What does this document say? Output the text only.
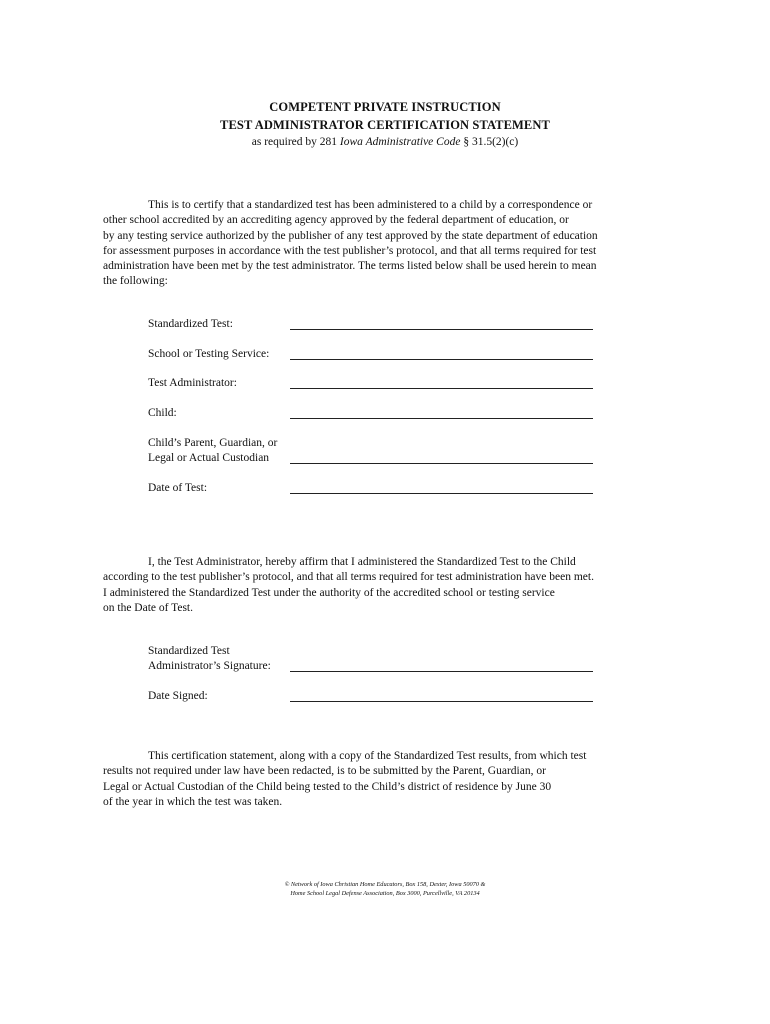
COMPETENT PRIVATE INSTRUCTION
TEST ADMINISTRATOR CERTIFICATION STATEMENT
as required by 281 Iowa Administrative Code § 31.5(2)(c)
This is to certify that a standardized test has been administered to a child by a correspondence or
other school accredited by an accrediting agency approved by the federal department of education, or
by any testing service authorized by the publisher of any test approved by the state department of education
for assessment purposes in accordance with the test publisher’s protocol, and that all terms required for test
administration have been met by the test administrator. The terms listed below shall be used herein to mean
the following:
Standardized Test:
School or Testing Service:
Test Administrator:
Child:
Child’s Parent, Guardian, or
Legal or Actual Custodian
Date of Test:
I, the Test Administrator, hereby affirm that I administered the Standardized Test to the Child
according to the test publisher’s protocol, and that all terms required for test administration have been met.
I administered the Standardized Test under the authority of the accredited school or testing service
on the Date of Test.
Standardized Test
Administrator’s Signature:
Date Signed:
This certification statement, along with a copy of the Standardized Test results, from which test
results not required under law have been redacted, is to be submitted by the Parent, Guardian, or
Legal or Actual Custodian of the Child being tested to the Child’s district of residence by June 30
of the year in which the test was taken.
© Network of Iowa Christian Home Educators, Box 158, Dexter, Iowa 50070 &
Home School Legal Defense Association, Box 3000, Purcellville, VA 20134
